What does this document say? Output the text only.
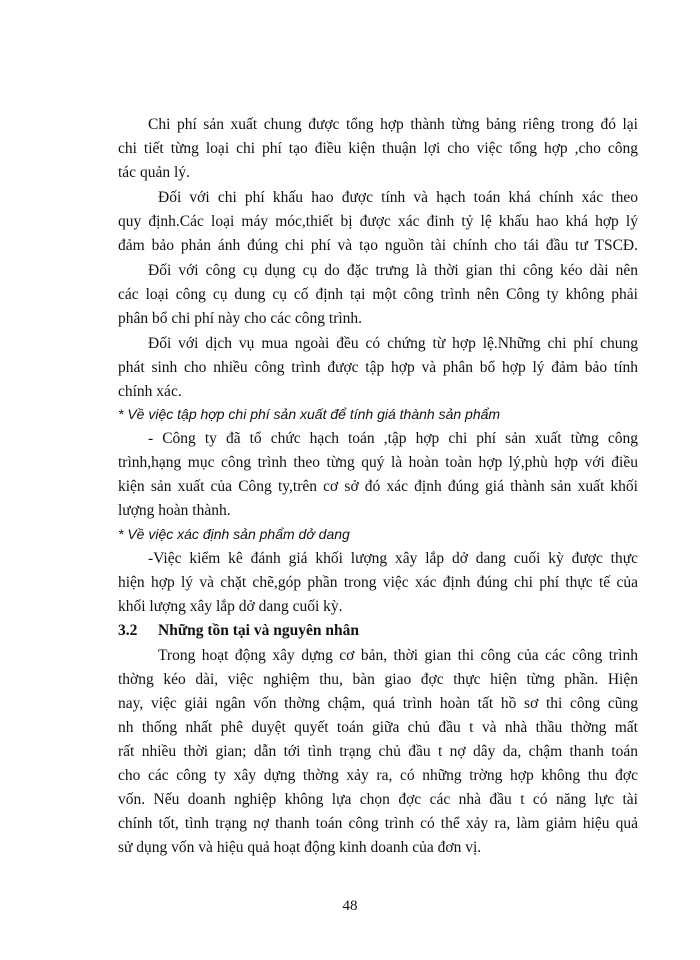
Chi phí sản xuất chung được tổng hợp thành từng bảng riêng trong đó lại
chi tiết từng loại chi phí tạo điều kiện thuận lợi cho việc tổng hợp ,cho công
tác quản lý.
Đối với chi phí khấu hao được tính và hạch toán khá chính xác theo
quy định.Các loại máy móc,thiết bị được xác đinh tỷ lệ khấu hao khá hợp lý
đảm bảo phản ánh đúng chi phí và tạo nguồn tài chính cho tái đầu tư TSCĐ.
Đối với công cụ dụng cụ do đặc trưng là thời gian thi công kéo dài nên
các loại công cụ dung cụ cố định tại một công trình nên Công ty không phải
phân bổ chi phí này cho các công trình.
Đối với dịch vụ mua ngoài đều có chứng từ hợp lệ.Những chi phí chung
phát sinh cho nhiều công trình được tập hợp và phân bổ hợp lý đảm bảo tính
chính xác.
* Về việc tập hợp chi phí sản xuất để tính giá thành sản phẩm
- Công ty đã tổ chức hạch toán ,tập hợp chi phí sản xuất từng công
trình,hạng mục công trình theo từng quý là hoàn toàn hợp lý,phù hợp với điều
kiện sản xuất của Công ty,trên cơ sở đó xác định đúng giá thành sản xuất khối
lượng hoàn thành.
* Về việc xác định sản phẩm dở dang
-Việc kiểm kê đánh giá khối lượng xây lắp dở dang cuối kỳ được thực
hiện hợp lý và chặt chẽ,góp phần trong việc xác định đúng chi phí thực tế của
khối lượng xây lắp dở dang cuối kỳ.
3.2 Những tồn tại và nguyên nhân
Trong hoạt động xây dựng cơ bản, thời gian thi công của các công trình
thờng kéo dài, việc nghiệm thu, bàn giao đợc thực hiện từng phần. Hiện
nay, việc giải ngân vốn thờng chậm, quá trình hoàn tất hồ sơ thi công cũng
nh thống nhất phê duyệt quyết toán giữa chủ đầu t và nhà thầu thờng mất
rất nhiều thời gian; dẫn tới tình trạng chủ đầu t nợ dây da, chậm thanh toán
cho các công ty xây dựng thờng xảy ra, có những trờng hợp không thu đợc
vốn. Nếu doanh nghiệp không lựa chọn đợc các nhà đầu t có năng lực tài
chính tốt, tình trạng nợ thanh toán công trình có thể xảy ra, làm giảm hiệu quả
sử dụng vốn và hiệu quả hoạt động kinh doanh của đơn vị.
48
